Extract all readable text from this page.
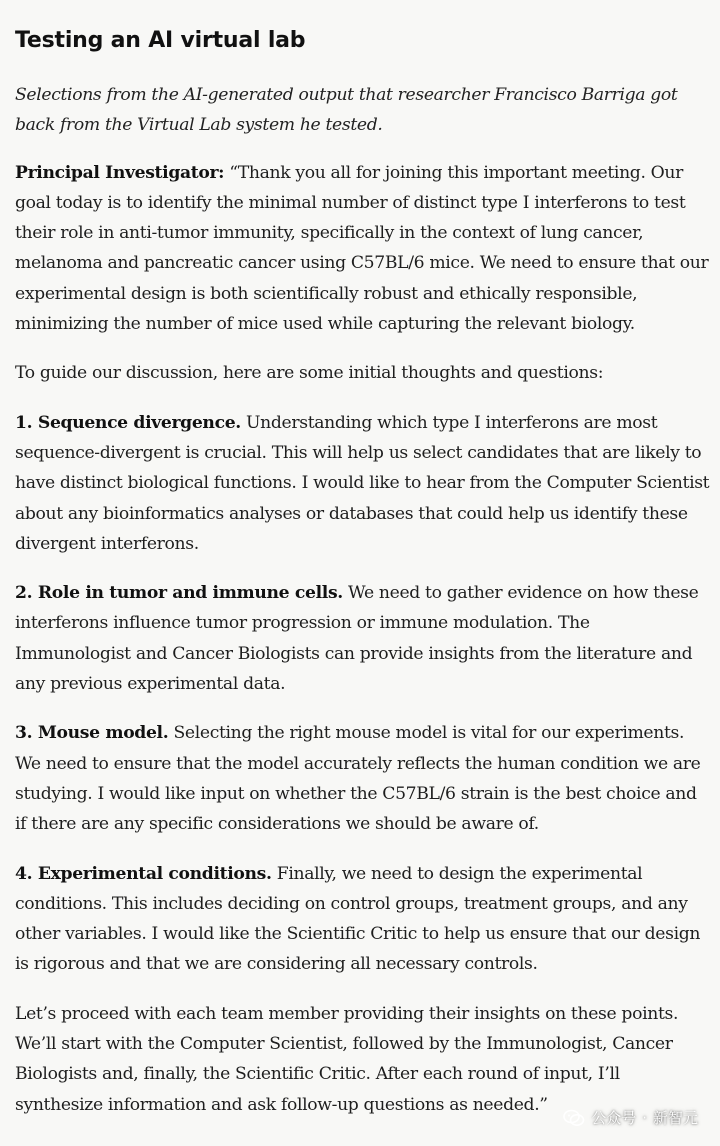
Testing an AI virtual lab

Selections from the AI-generated output that researcher Francisco Barriga got back from the Virtual Lab system he tested.

Principal Investigator: “Thank you all for joining this important meeting. Our goal today is to identify the minimal number of distinct type I interferons to test their role in anti-tumor immunity, specifically in the context of lung cancer, melanoma and pancreatic cancer using C57BL/6 mice. We need to ensure that our experimental design is both scientifically robust and ethically responsible, minimizing the number of mice used while capturing the relevant biology.

To guide our discussion, here are some initial thoughts and questions:

1. Sequence divergence. Understanding which type I interferons are most sequence-divergent is crucial. This will help us select candidates that are likely to have distinct biological functions. I would like to hear from the Computer Scientist about any bioinformatics analyses or databases that could help us identify these divergent interferons.

2. Role in tumor and immune cells. We need to gather evidence on how these interferons influence tumor progression or immune modulation. The Immunologist and Cancer Biologists can provide insights from the literature and any previous experimental data.

3. Mouse model. Selecting the right mouse model is vital for our experiments. We need to ensure that the model accurately reflects the human condition we are studying. I would like input on whether the C57BL/6 strain is the best choice and if there are any specific considerations we should be aware of.

4. Experimental conditions. Finally, we need to design the experimental conditions. This includes deciding on control groups, treatment groups, and any other variables. I would like the Scientific Critic to help us ensure that our design is rigorous and that we are considering all necessary controls.

Let’s proceed with each team member providing their insights on these points. We’ll start with the Computer Scientist, followed by the Immunologist, Cancer Biologists and, finally, the Scientific Critic. After each round of input, I’ll synthesize information and ask follow-up questions as needed.”

公众号 · 新智元
